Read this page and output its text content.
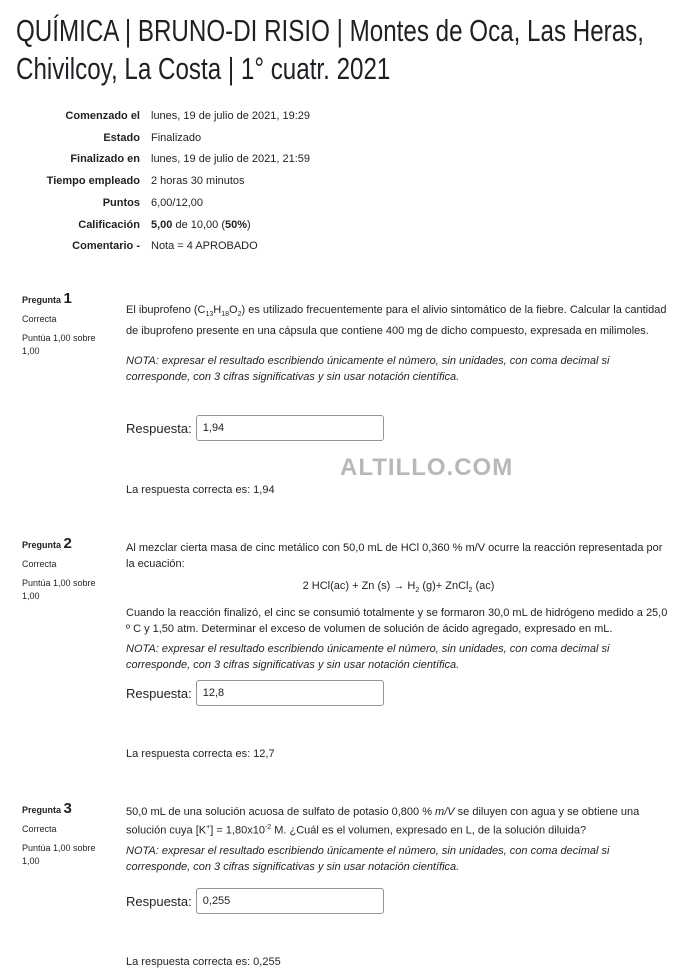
QUÍMICA | BRUNO-DI RISIO | Montes de Oca, Las Heras, Chivilcoy, La Costa | 1° cuatr. 2021
Comenzado el lunes, 19 de julio de 2021, 19:29
Estado Finalizado
Finalizado en lunes, 19 de julio de 2021, 21:59
Tiempo empleado 2 horas 30 minutos
Puntos 6,00/12,00
Calificación 5,00 de 10,00 (50%)
Comentario - Nota = 4 APROBADO
Pregunta 1
Correcta
Puntúa 1,00 sobre 1,00
El ibuprofeno $(C_{13}H_{18}O_2)$ es utilizado frecuentemente para el alivio sintomático de la fiebre. Calcular la cantidad de ibuprofeno presente en una cápsula que contiene 400 mg de dicho compuesto, expresada en milimoles.
NOTA: expresar el resultado escribiendo únicamente el número, sin unidades, con coma decimal si corresponde, con 3 cifras significativas y sin usar notación científica.
Respuesta:	1,94
La respuesta correcta es: 1,94
ALTILLO.COM
Pregunta 2
Correcta
Puntúa 1,00 sobre 1,00
Al mezclar cierta masa de cinc metálico con 50,0 mL de HCl 0,360 % m/V ocurre la reacción representada por la ecuación:
2 HCl(ac) + Zn $(s) \to H_2$ (g)+ ZnCl$_2$ (ac)
Cuando la reacción finalizó, el cinc se consumió totalmente y se formaron 30,0 mL de hidrógeno medido a 25,0 º C y 1,50 atm. Determinar el exceso de volumen de solución de ácido agregado, expresado en mL.
NOTA: expresar el resultado escribiendo únicamente el número, sin unidades, con coma decimal si corresponde, con 3 cifras significativas y sin usar notación científica.
Respuesta:	12,8
La respuesta correcta es: 12,7
Pregunta 3
Correcta
Puntúa 1,00 sobre 1,00
50,0 mL de una solución acuosa de sulfato de potasio 0,800 % m/V se diluyen con agua y se obtiene una solución cuya $[K^+] = 1,80x10^{-2}$ M. ¿Cuál es el volumen, expresado en L, de la solución diluida?
NOTA: expresar el resultado escribiendo únicamente el número, sin unidades, con coma decimal si corresponde, con 3 cifras significativas y sin usar notación científica.
Respuesta:	0,255
La respuesta correcta es: 0,255
